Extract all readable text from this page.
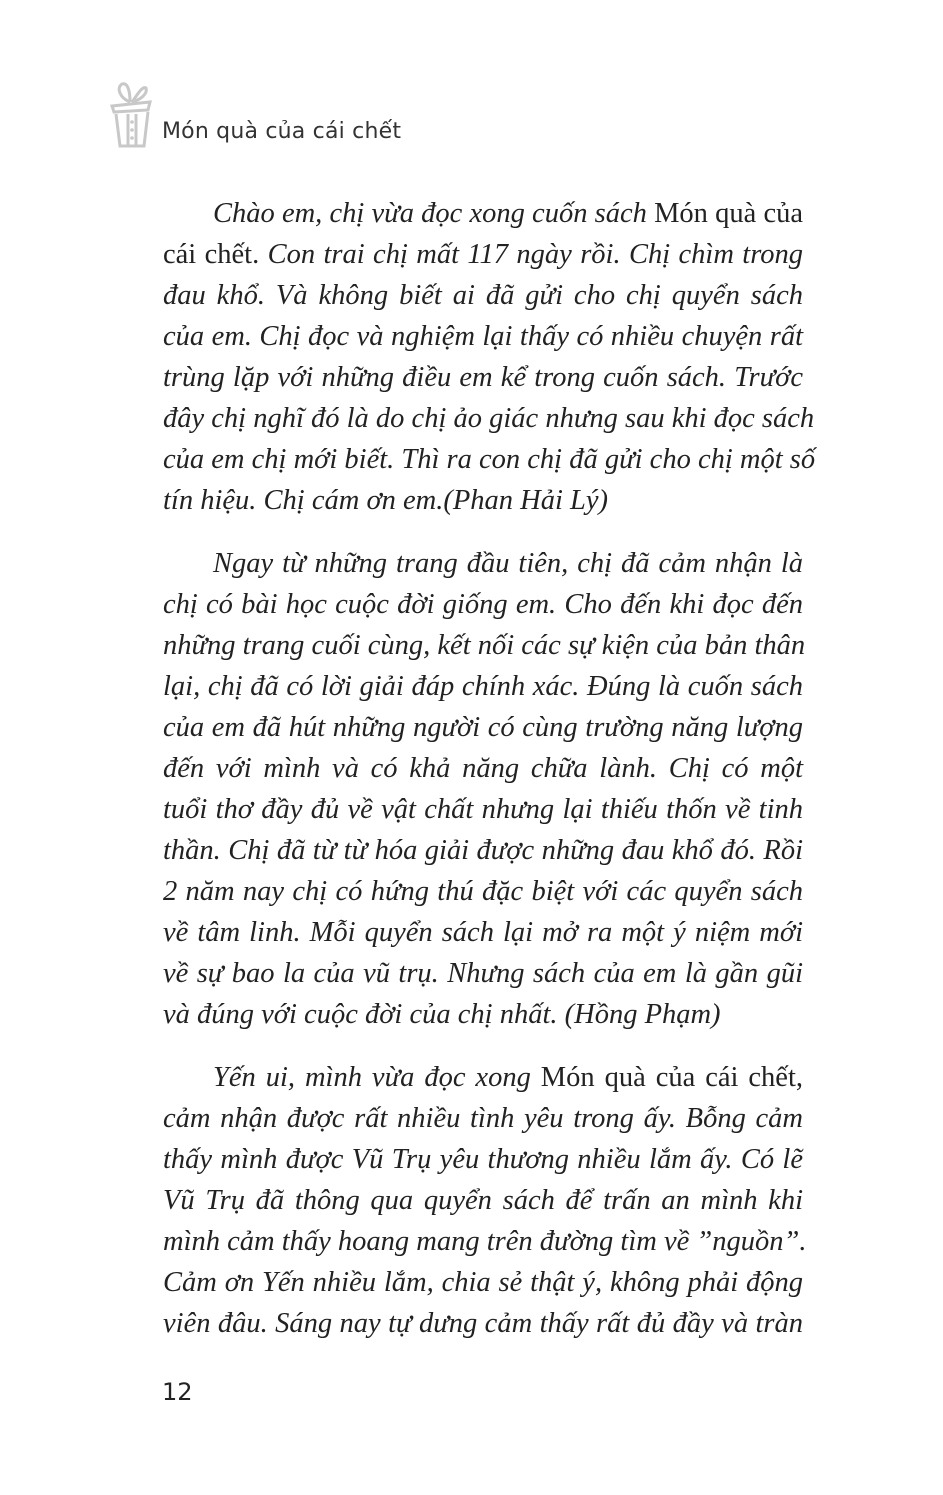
Món quà của cái chết
Chào em, chị vừa đọc xong cuốn sách Món quà của
cái chết. Con trai chị mất 117 ngày rồi. Chị chìm trong
đau khổ. Và không biết ai đã gửi cho chị quyển sách
của em. Chị đọc và nghiệm lại thấy có nhiều chuyện rất
trùng lặp với những điều em kể trong cuốn sách. Trước
đây chị nghĩ đó là do chị ảo giác nhưng sau khi đọc sách
của em chị mới biết. Thì ra con chị đã gửi cho chị một số
tín hiệu. Chị cám ơn em.(Phan Hải Lý)
Ngay từ những trang đầu tiên, chị đã cảm nhận là
chị có bài học cuộc đời giống em. Cho đến khi đọc đến
những trang cuối cùng, kết nối các sự kiện của bản thân
lại, chị đã có lời giải đáp chính xác. Đúng là cuốn sách
của em đã hút những người có cùng trường năng lượng
đến với mình và có khả năng chữa lành. Chị có một
tuổi thơ đầy đủ về vật chất nhưng lại thiếu thốn về tinh
thần. Chị đã từ từ hóa giải được những đau khổ đó. Rồi
2 năm nay chị có hứng thú đặc biệt với các quyển sách
về tâm linh. Mỗi quyển sách lại mở ra một ý niệm mới
về sự bao la của vũ trụ. Nhưng sách của em là gần gũi
và đúng với cuộc đời của chị nhất. (Hồng Phạm)
Yến ui, mình vừa đọc xong Món quà của cái chết,
cảm nhận được rất nhiều tình yêu trong ấy. Bỗng cảm
thấy mình được Vũ Trụ yêu thương nhiều lắm ấy. Có lẽ
Vũ Trụ đã thông qua quyển sách để trấn an mình khi
mình cảm thấy hoang mang trên đường tìm về ”nguồn”.
Cảm ơn Yến nhiều lắm, chia sẻ thật ý, không phải động
viên đâu. Sáng nay tự dưng cảm thấy rất đủ đầy và tràn
12
